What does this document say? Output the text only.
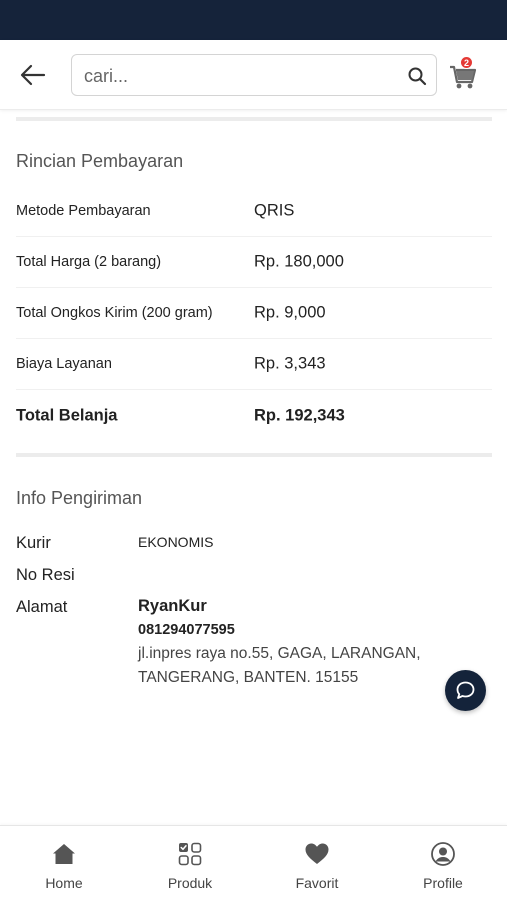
cari...
2
Rincian Pembayaran
Metode Pembayaran	QRIS
Total Harga (2 barang)	Rp. 180,000
Total Ongkos Kirim (200 gram)	Rp. 9,000
Biaya Layanan	Rp. 3,343
Total Belanja	Rp. 192,343
Info Pengiriman
Kurir	EKONOMIS
No Resi
Alamat	RyanKur
081294077595
jl.inpres raya no.55, GAGA, LARANGAN,
TANGERANG, BANTEN. 15155
Home	Produk	Favorit	Profile
